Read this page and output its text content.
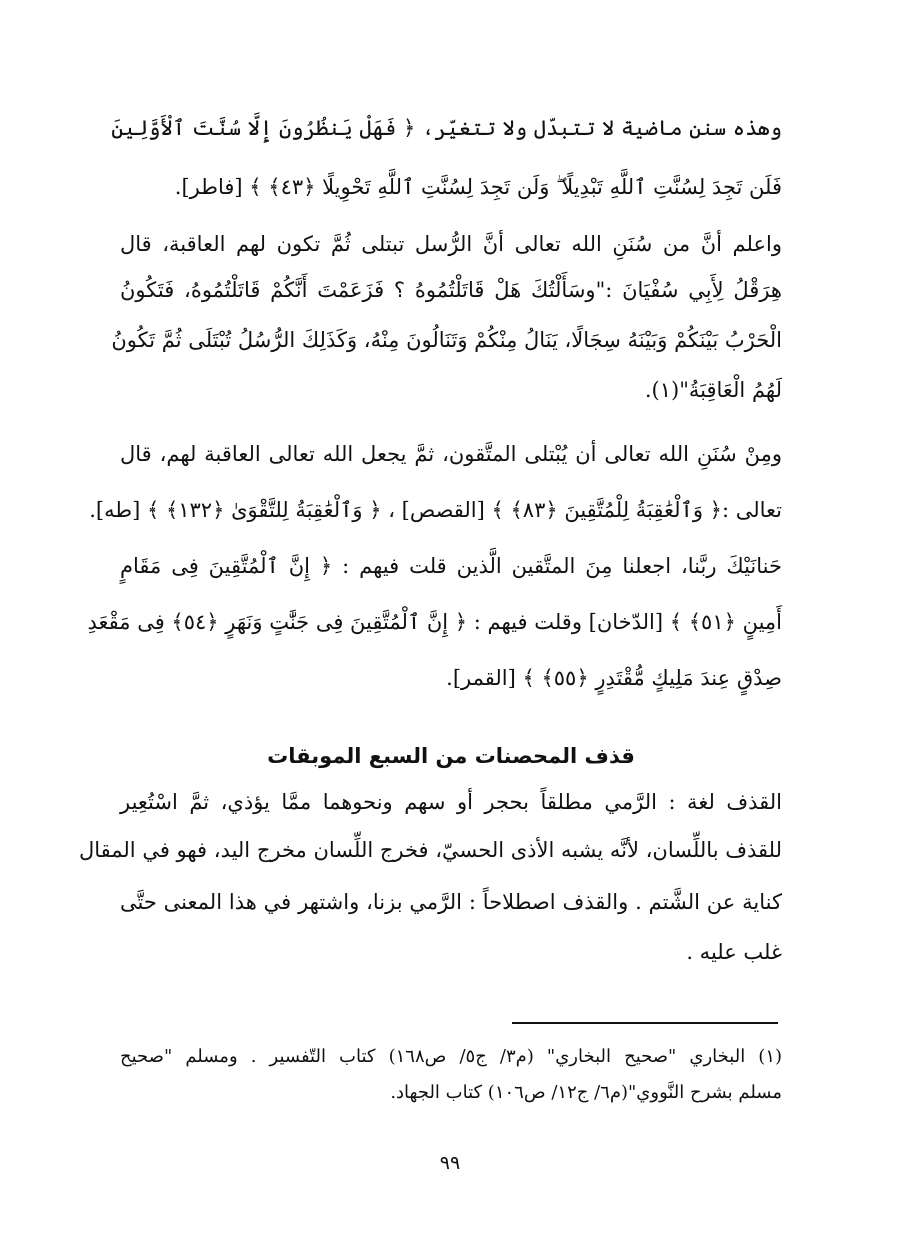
وهذه سنن ماضية لا تتبدّل ولا تتغيّر، ﴿ فَهَلْ يَنظُرُونَ إِلَّا سُنَّتَ ٱلْأَوَّلِينَ
فَلَن تَجِدَ لِسُنَّتِ ٱللَّهِ تَبْدِيلًا ۖ وَلَن تَجِدَ لِسُنَّتِ ٱللَّهِ تَحْوِيلًا ﴿٤٣﴾ ﴾ [فاطر].
واعلم أنَّ من سُنَنِ الله تعالى أنَّ الرُّسل تبتلى ثُمَّ تكون لهم العاقبة، قال
هِرَقْلُ لِأَبِي سُفْيَانَ :"وسَأَلْتُكَ هَلْ قَاتَلْتُمُوهُ ؟ فَزَعَمْتَ أَنَّكُمْ قَاتَلْتُمُوهُ، فَتَكُونُ
الْحَرْبُ بَيْنَكُمْ وَبَيْنَهُ سِجَالًا، يَنَالُ مِنْكُمْ وَتَنَالُونَ مِنْهُ، وَكَذَلِكَ الرُّسُلُ تُبْتَلَى ثُمَّ تَكُونُ
لَهُمُ الْعَاقِبَةُ"(١).
ومِنْ سُنَنِ الله تعالى أن يُبْتلى المتَّقون، ثمَّ يجعل الله تعالى العاقبة لهم، قال
تعالى :﴿ وَٱلْعَٰقِبَةُ لِلْمُتَّقِينَ ﴿٨٣﴾ ﴾ [القصص] ، ﴿ وَٱلْعَٰقِبَةُ لِلتَّقْوَىٰ ﴿١٣٢﴾ ﴾ [طه].
حَنانَيْكَ ربَّنا، اجعلنا مِنَ المتَّقين الَّذين قلت فيهم : ﴿ إِنَّ ٱلْمُتَّقِينَ فِى مَقَامٍ
أَمِينٍ ﴿٥١﴾ ﴾ [الدّخان] وقلت فيهم : ﴿ إِنَّ ٱلْمُتَّقِينَ فِى جَنَّٰتٍ وَنَهَرٍ ﴿٥٤﴾ فِى مَقْعَدِ
صِدْقٍ عِندَ مَلِيكٍ مُّقْتَدِرٍ ﴿٥٥﴾ ﴾ [القمر].
قذف المحصنات من السبع الموبقات
القذف لغة : الرَّمي مطلقاً بحجر أو سهم ونحوهما ممَّا يؤذي، ثمَّ اسْتُعِير
للقذف باللِّسان، لأنَّه يشبه الأذى الحسيّ، فخرج اللِّسان مخرج اليد، فهو في المقال
كناية عن الشَّتم . والقذف اصطلاحاً : الرَّمي بزنا، واشتهر في هذا المعنى حتَّى
غلب عليه .
(١) البخاري "صحيح البخاري" (م٣/ ج٥/ ص١٦٨) كتاب التّفسير . ومسلم "صحيح
مسلم بشرح النَّووي"(م٦/ ج١٢/ ص١٠٦) كتاب الجهاد.
٩٩
